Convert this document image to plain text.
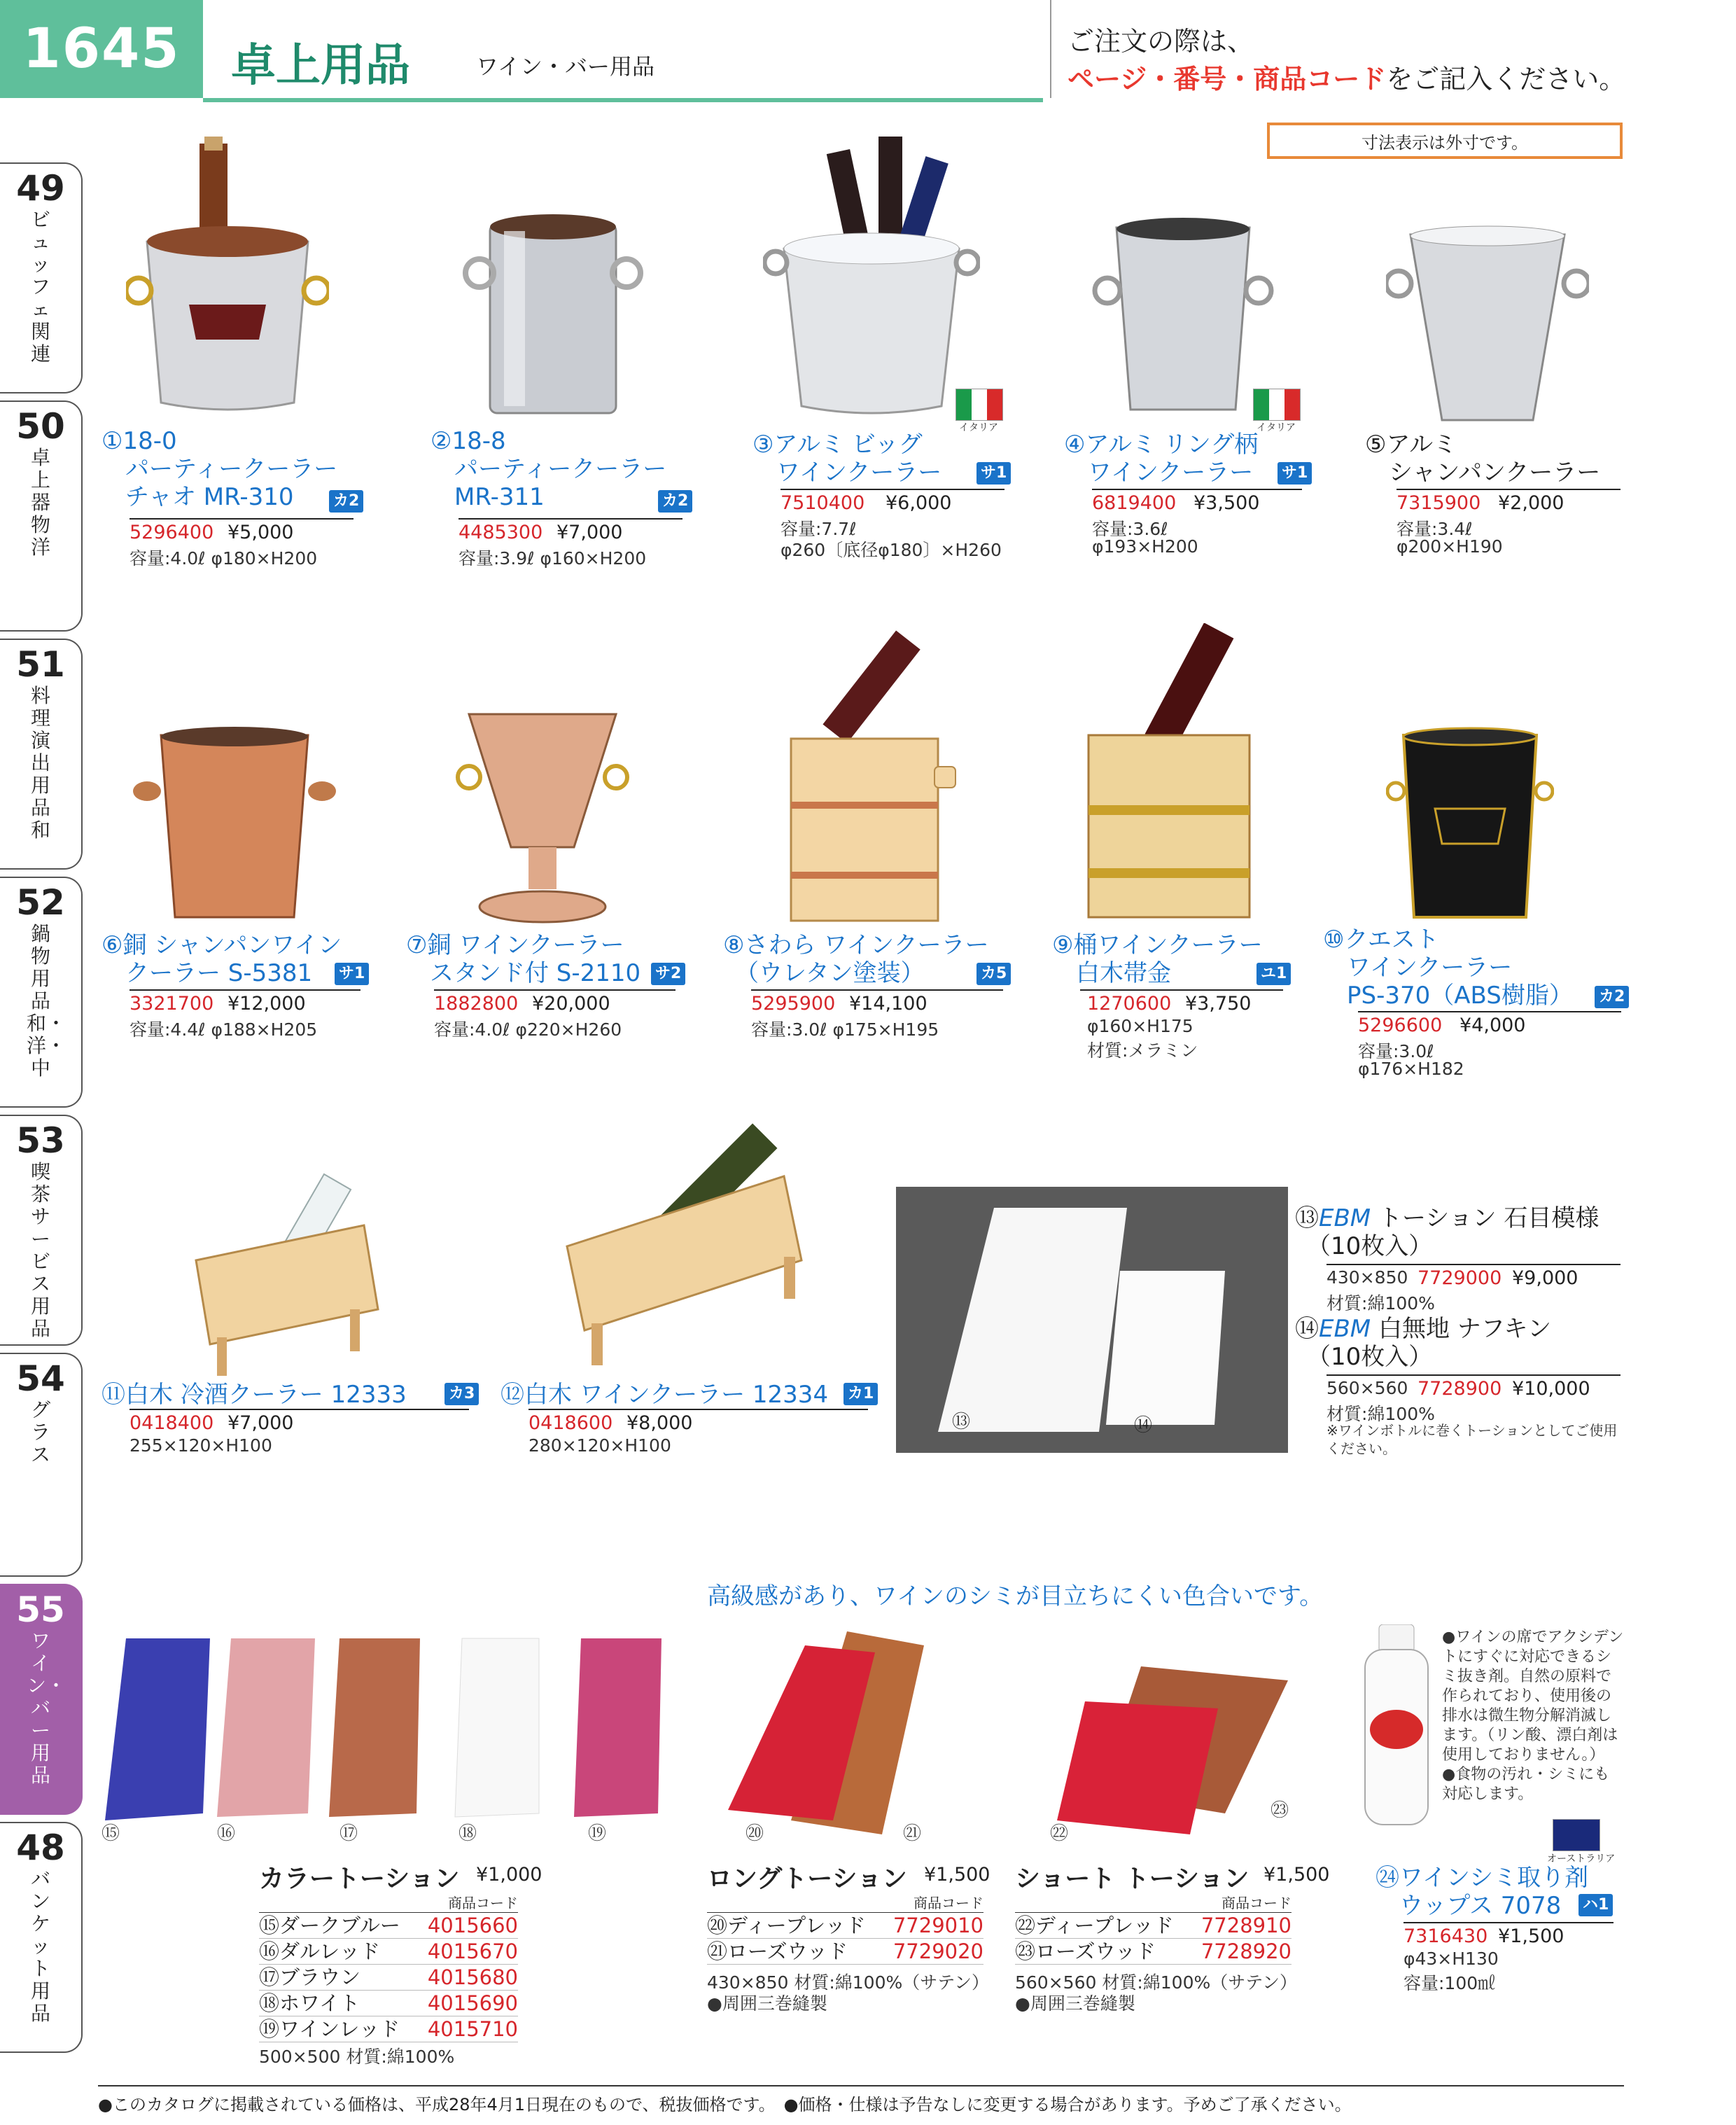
1645	卓上用品	ワイン・バー用品
ご注文の際は、
ページ・番号・商品コードをご記入ください。
寸法表示は外寸です。
49
ビュッフェ関連
50
卓上器物 洋
51
料理演出用品 和
52
鍋物用品 和・洋・中
53
喫茶サービス用品
54
グラス
55
ワイン・バー用品
48
バンケット用品
①18-0
　パーティークーラー
　チャオ MR-310	カ2
5296400 ¥5,000
容量:4.0ℓ φ180×H200
②18-8
　パーティークーラー
　MR-311	カ2
4485300 ¥7,000
容量:3.9ℓ φ160×H200
イタリア
③アルミ ビッグ
　ワインクーラー	サ1
7510400 ¥6,000
容量:7.7ℓ
φ260〔底径φ180〕×H260
イタリア
④アルミ リング柄
　ワインクーラー	サ1
6819400 ¥3,500
容量:3.6ℓ
φ193×H200
⑤アルミ
　シャンパンクーラー
7315900 ¥2,000
容量:3.4ℓ
φ200×H190
⑥銅 シャンパンワイン
　クーラー S-5381	サ1
3321700 ¥12,000
容量:4.4ℓ φ188×H205
⑦銅 ワインクーラー
　スタンド付 S-2110 サ2
1882800 ¥20,000
容量:4.0ℓ φ220×H260
⑧さわら ワインクーラー
　（ウレタン塗装）	カ5
5295900 ¥14,100
容量:3.0ℓ φ175×H195
⑨桶ワインクーラー
　白木帯金	ユ1
1270600 ¥3,750
φ160×H175
材質:メラミン
⑩クエスト
　ワインクーラー
　PS-370（ABS樹脂） カ2
5296600 ¥4,000
容量:3.0ℓ
φ176×H182
⑬	⑭
⑪白木 冷酒クーラー 12333	カ3
0418400 ¥7,000
255×120×H100
⑫白木 ワインクーラー 12334 カ1
0418600 ¥8,000
280×120×H100
⑬EBM トーション 石目模様
　（10枚入）
430×850 7729000 ¥9,000
材質:綿100%
⑭EBM 白無地 ナフキン
　（10枚入）
560×560 7728900 ¥10,000
材質:綿100%
※ワインボトルに巻くトーションとしてご使用ください。
高級感があり、ワインのシミが目立ちにくい色合いです。
⑮	⑯	⑰	⑱	⑲	⑳	㉑	㉒
㉓
カラートーション ¥1,000
商品コード
⑮ダークブルー 4015660
⑯ダルレッド 4015670
⑰ブラウン	4015680
⑱ホワイト	4015690
⑲ワインレッド 4015710
500×500 材質:綿100%
ロングトーション ¥1,500
商品コード
⑳ディープレッド 7729010
㉑ローズウッド 7729020
430×850 材質:綿100%（サテン）
●周囲三巻縫製
ショート トーション ¥1,500
商品コード
㉒ディープレッド 7728910
㉓ローズウッド 7728920
560×560 材質:綿100%（サテン）
●周囲三巻縫製
●ワインの席でアクシデントにすぐに対応できるシミ抜き剤。自然の原料で作られており、使用後の排水は微生物分解消滅します。（リン酸、漂白剤は使用しておりません。）
●食物の汚れ・シミにも対応します。
オーストラリア
㉔ワインシミ取り剤
　ウップス 7078	ハ1
7316430 ¥1,500
φ43×H130
容量:100㎖
●このカタログに掲載されている価格は、平成28年4月1日現在のもので、税抜価格です。　●価格・仕様は予告なしに変更する場合があります。予めご了承ください。
